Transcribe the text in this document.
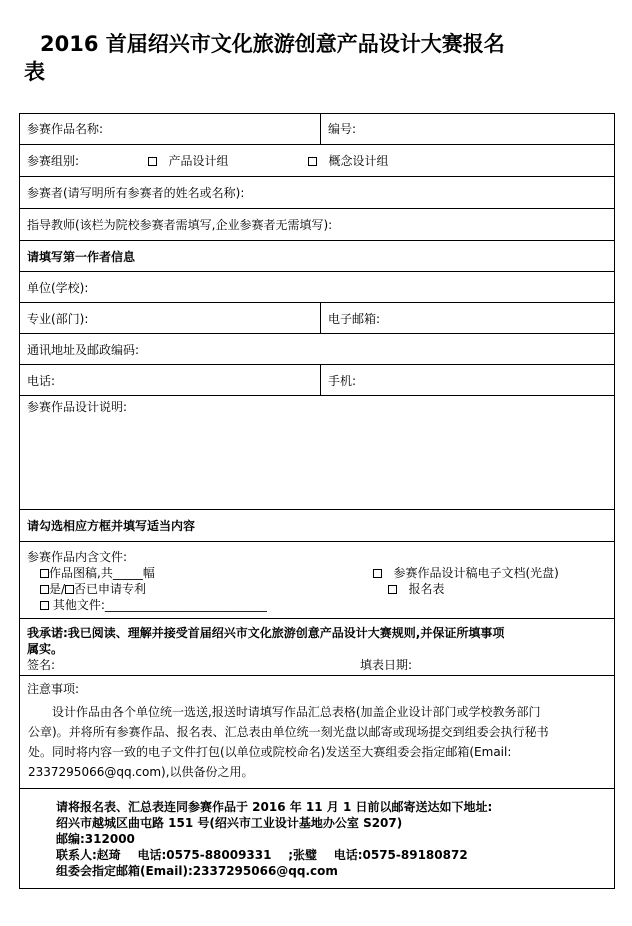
2016 首届绍兴市文化旅游创意产品设计大赛报名
表
参赛作品名称:	编号:
参赛组别:	产品设计组	概念设计组
参赛者(请写明所有参赛者的姓名或名称):
指导教师(该栏为院校参赛者需填写,企业参赛者无需填写):
请填写第一作者信息
单位(学校):
专业(部门):	电子邮箱:
通讯地址及邮政编码:
电话:	手机:
参赛作品设计说明:
请勾选相应方框并填写适当内容
参赛作品内含文件:
作品图稿,共_____幅	参赛作品设计稿电子文档(光盘)
是/ 否已申请专利	报名表
其他文件:___________________________
我承诺:我已阅读、理解并接受首届绍兴市文化旅游创意产品设计大赛规则,并保证所填事项
属实。
签名:	填表日期:
注意事项:
设计作品由各个单位统一选送,报送时请填写作品汇总表格(加盖企业设计部门或学校教务部门
公章)。并将所有参赛作品、报名表、汇总表由单位统一刻光盘以邮寄或现场提交到组委会执行秘书
处。同时将内容一致的电子文件打包(以单位或院校命名)发送至大赛组委会指定邮箱(Email:
2337295066@qq.com),以供备份之用。
请将报名表、汇总表连同参赛作品于 2016 年 11 月 1 日前以邮寄送达如下地址:
绍兴市越城区曲屯路 151 号(绍兴市工业设计基地办公室 S207)
邮编:312000
联系人:赵琦    电话:0575-88009331    ;张璧    电话:0575-89180872
组委会指定邮箱(Email):2337295066@qq.com
